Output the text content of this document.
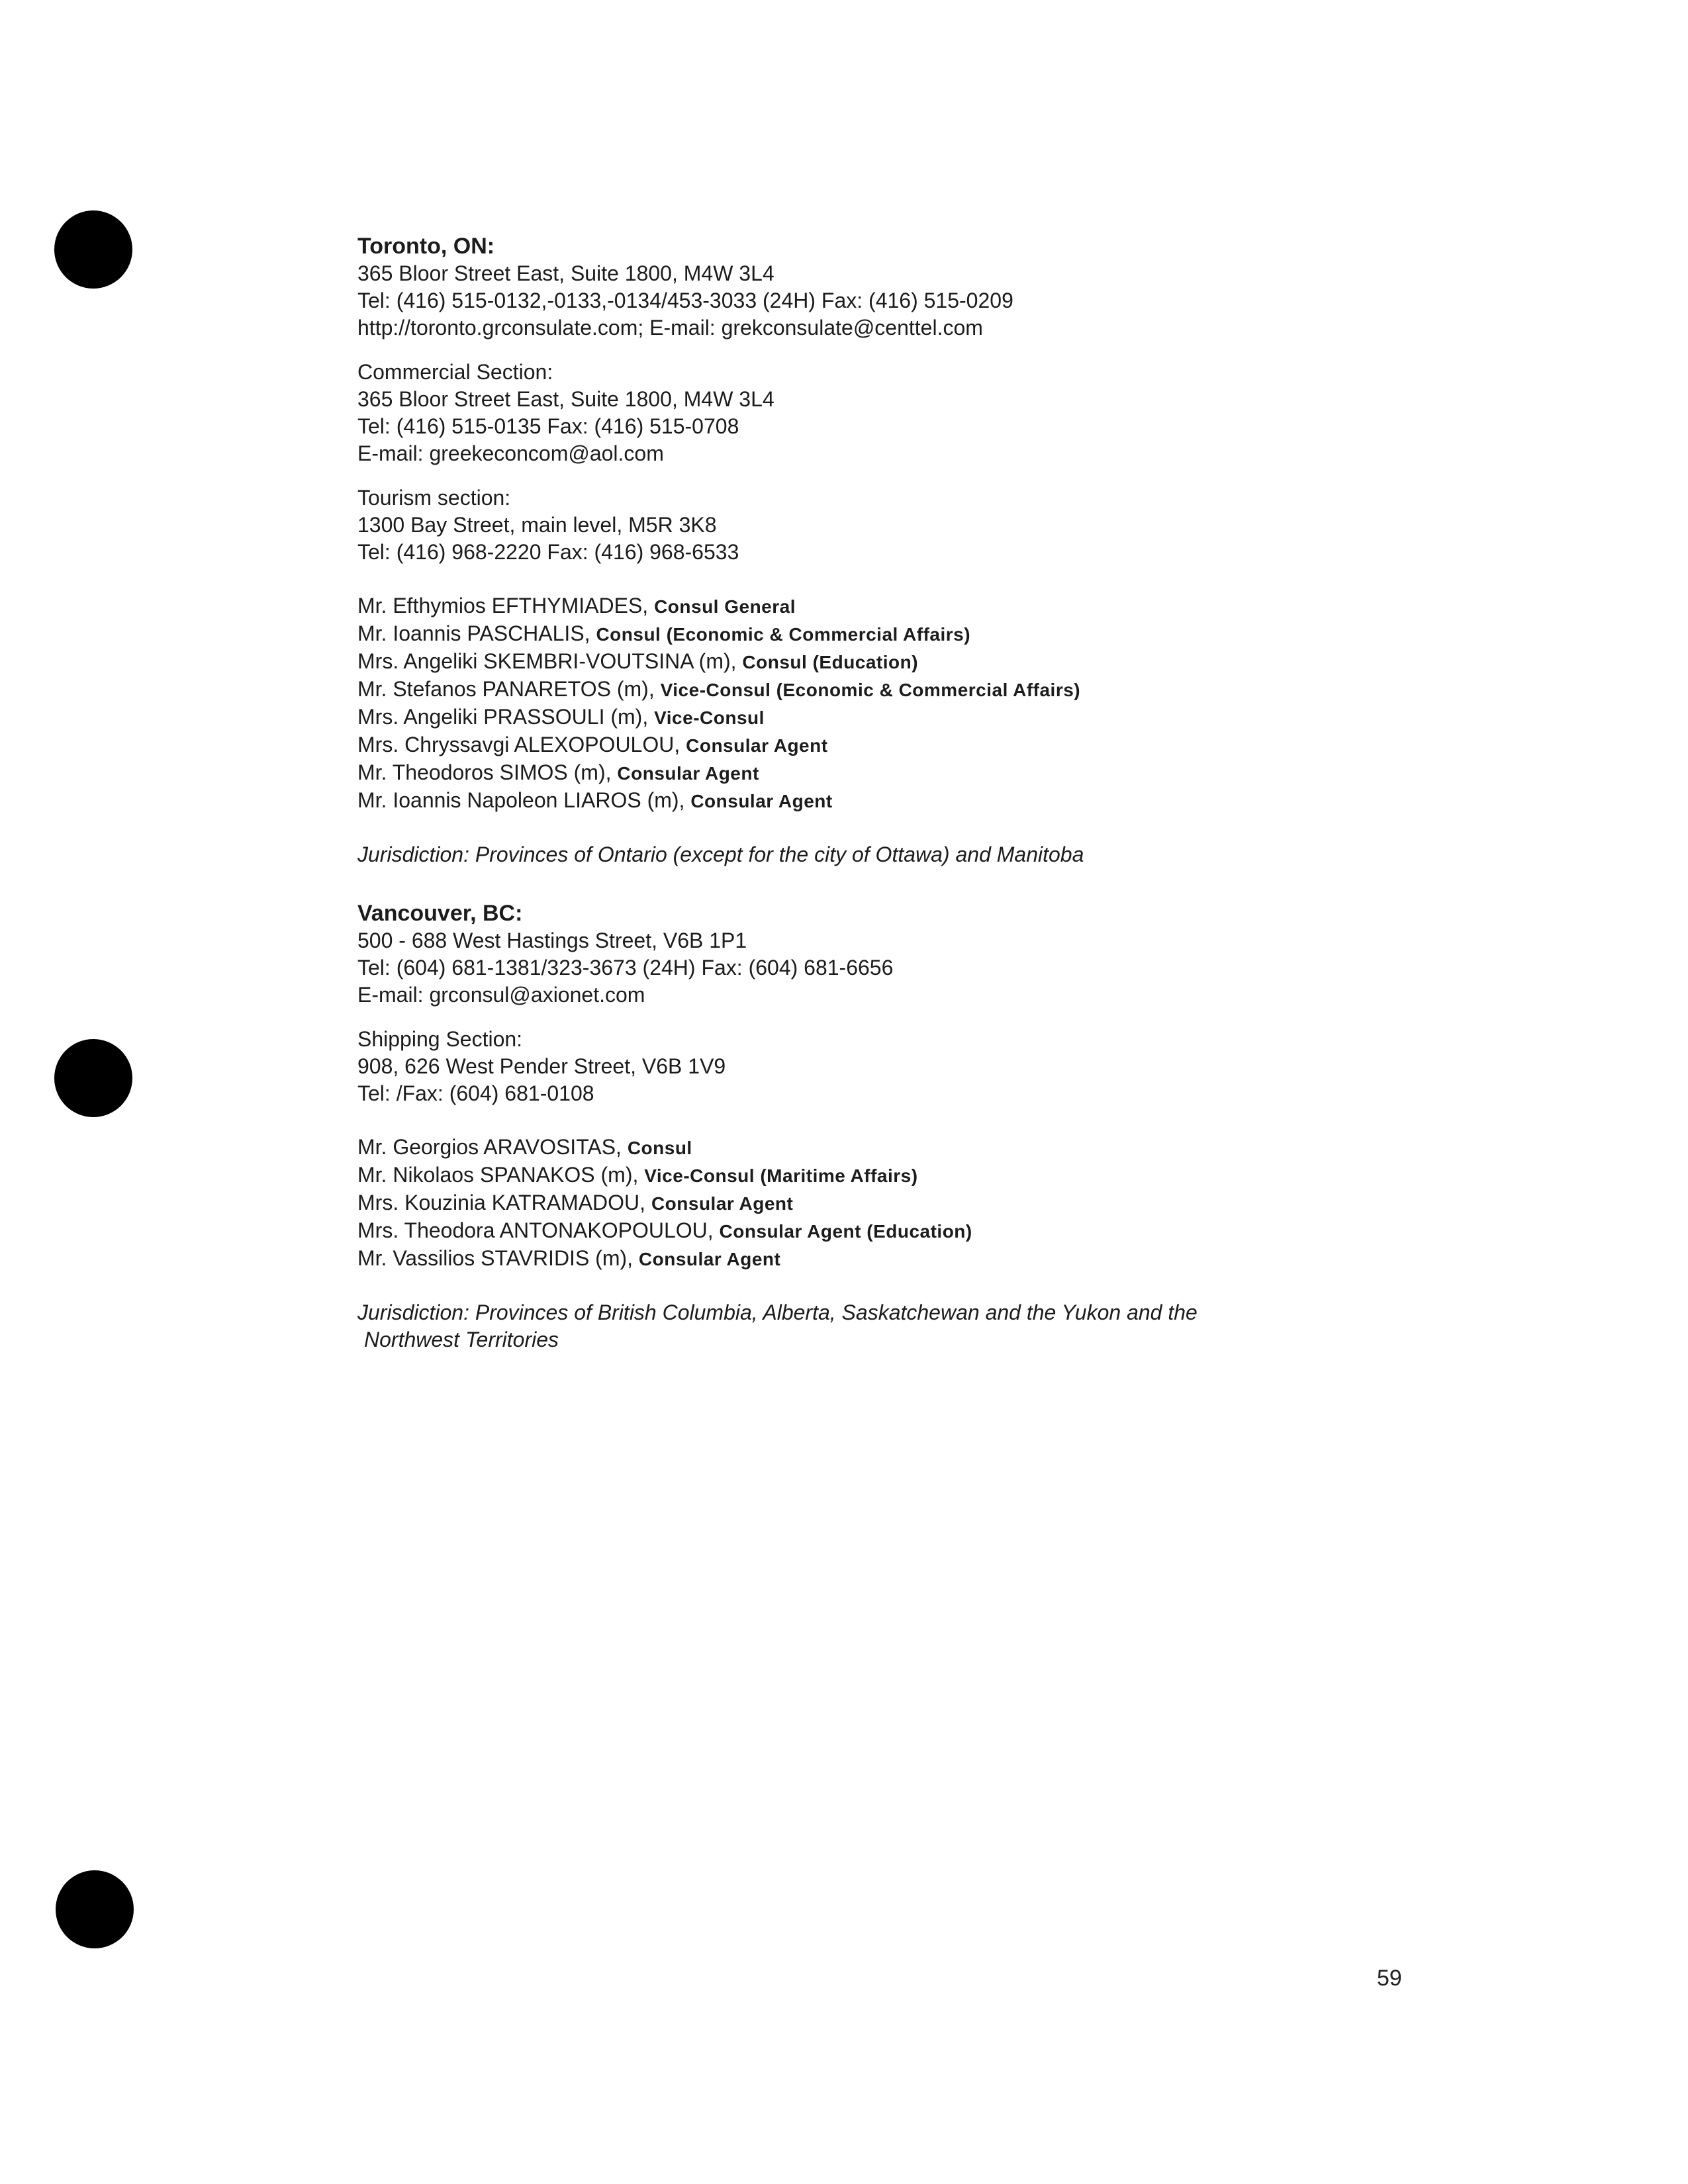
Toronto, ON:
365 Bloor Street East, Suite 1800, M4W 3L4
Tel: (416) 515-0132,-0133,-0134/453-3033 (24H) Fax: (416) 515-0209
http://toronto.grconsulate.com; E-mail: grekconsulate@centtel.com
Commercial Section:
365 Bloor Street East, Suite 1800, M4W 3L4
Tel: (416) 515-0135 Fax: (416) 515-0708
E-mail: greekeconcom@aol.com
Tourism section:
1300 Bay Street, main level, M5R 3K8
Tel: (416) 968-2220 Fax: (416) 968-6533
Mr. Efthymios EFTHYMIADES, Consul General
Mr. Ioannis PASCHALIS, Consul (Economic & Commercial Affairs)
Mrs. Angeliki SKEMBRI-VOUTSINA (m), Consul (Education)
Mr. Stefanos PANARETOS (m), Vice-Consul (Economic & Commercial Affairs)
Mrs. Angeliki PRASSOULI (m), Vice-Consul
Mrs. Chryssavgi ALEXOPOULOU, Consular Agent
Mr. Theodoros SIMOS (m), Consular Agent
Mr. Ioannis Napoleon LIAROS (m), Consular Agent
Jurisdiction: Provinces of Ontario (except for the city of Ottawa) and Manitoba
Vancouver, BC:
500 - 688 West Hastings Street, V6B 1P1
Tel: (604) 681-1381/323-3673 (24H) Fax: (604) 681-6656
E-mail: grconsul@axionet.com
Shipping Section:
908, 626 West Pender Street, V6B 1V9
Tel: /Fax: (604) 681-0108
Mr. Georgios ARAVOSITAS, Consul
Mr. Nikolaos SPANAKOS (m), Vice-Consul (Maritime Affairs)
Mrs. Kouzinia KATRAMADOU, Consular Agent
Mrs. Theodora ANTONAKOPOULOU, Consular Agent (Education)
Mr. Vassilios STAVRIDIS (m), Consular Agent
Jurisdiction: Provinces of British Columbia, Alberta, Saskatchewan and the Yukon and the
Northwest Territories
59
